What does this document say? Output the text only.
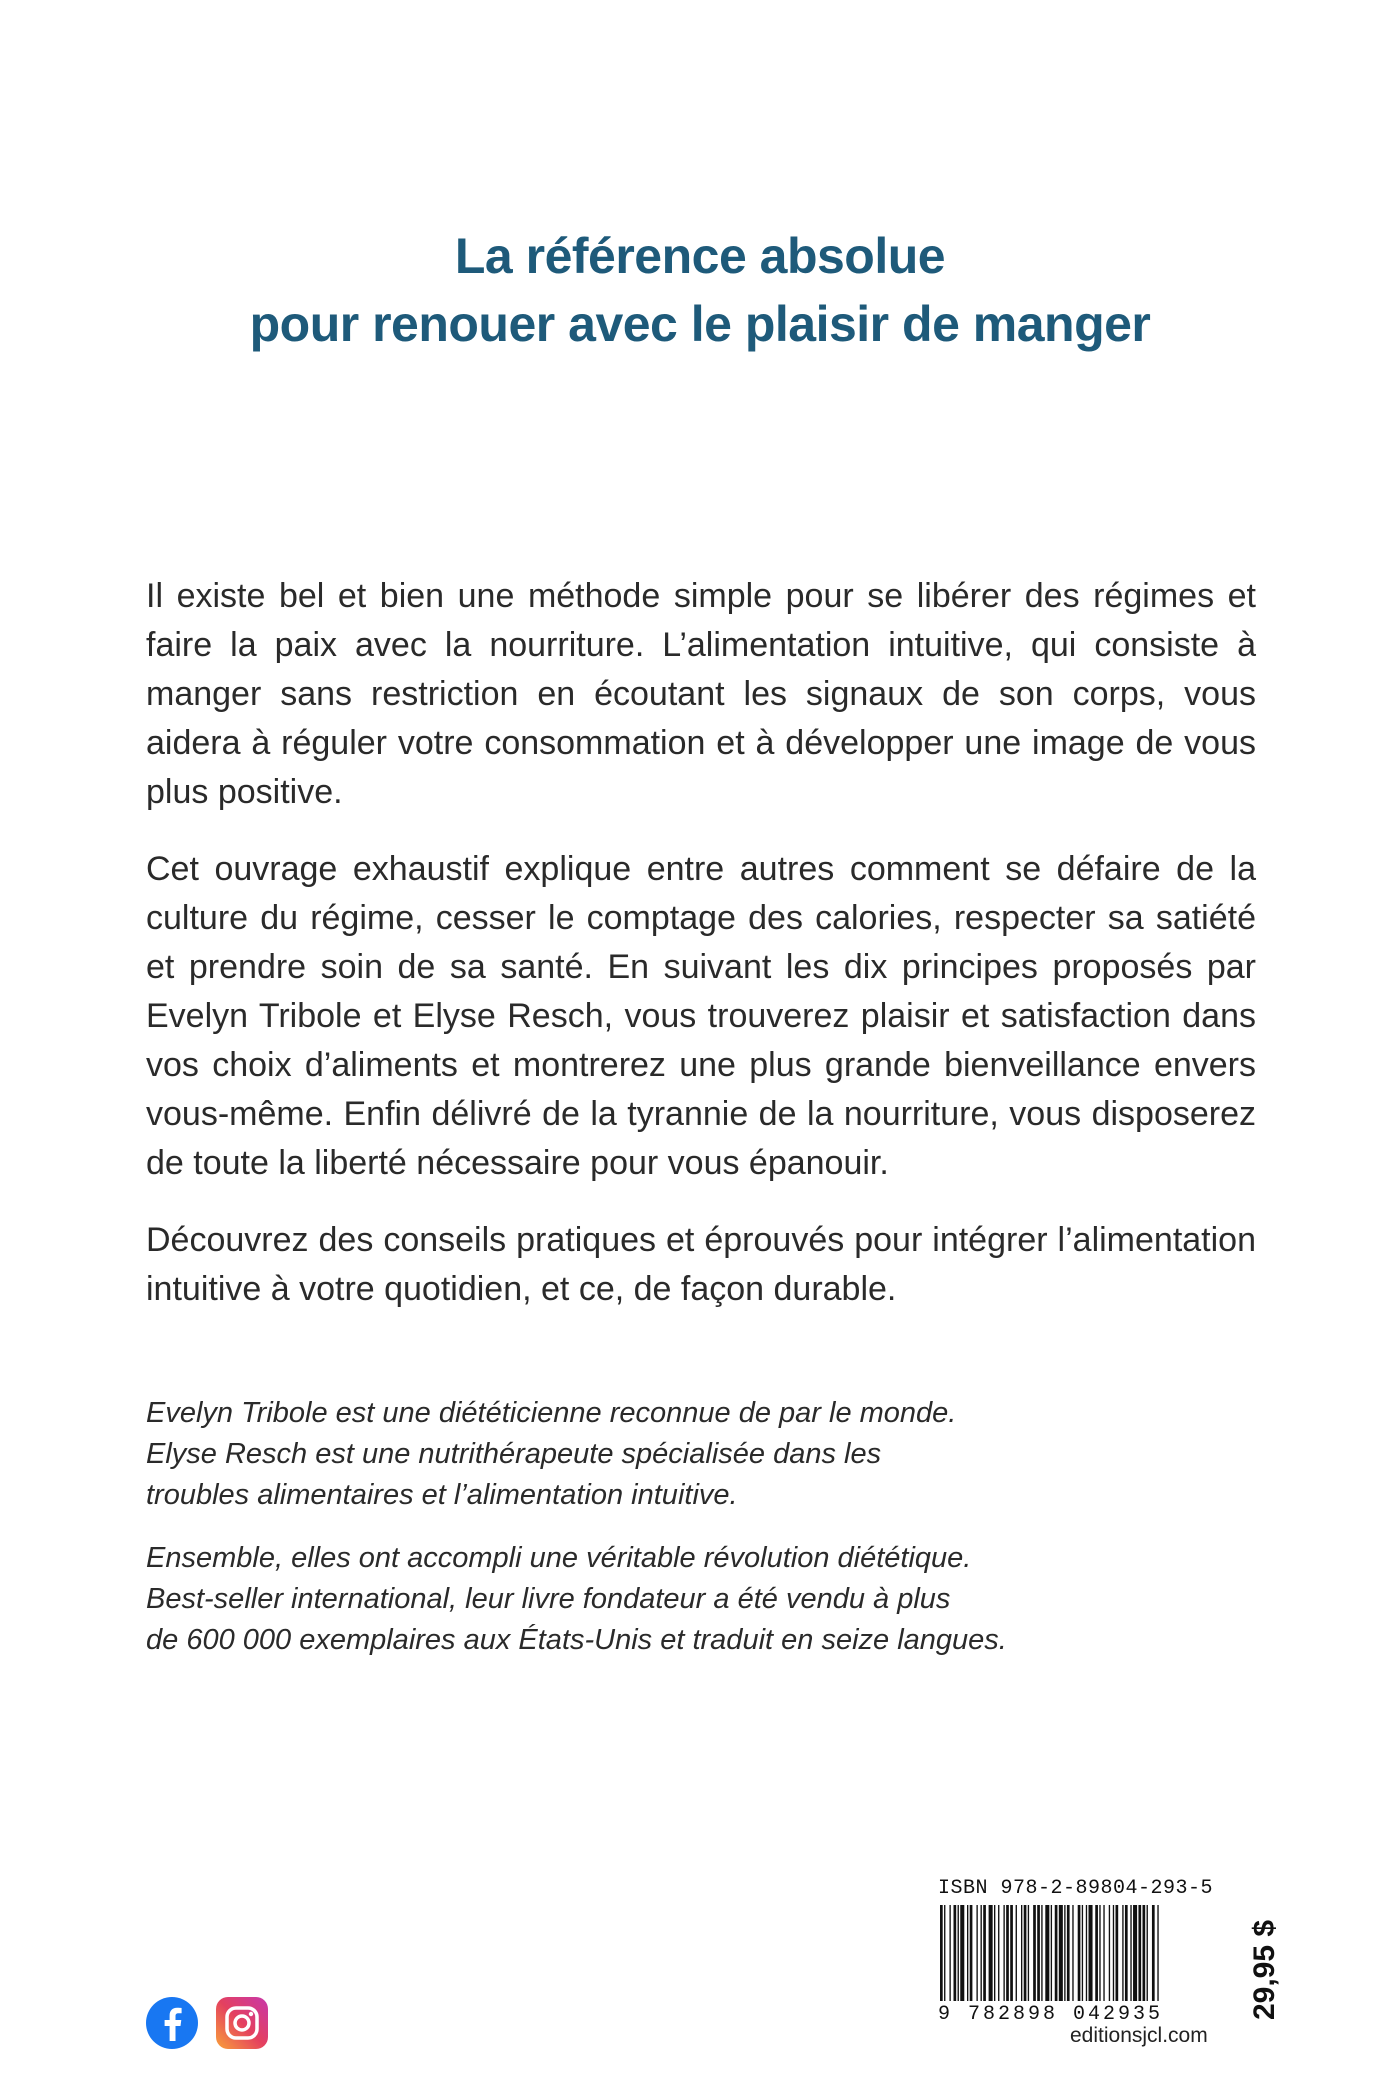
La référence absolue
pour renouer avec le plaisir de manger

Il existe bel et bien une méthode simple pour se libérer des régimes et faire la paix avec la nourriture. L’alimentation intuitive, qui consiste à manger sans restriction en écoutant les signaux de son corps, vous aidera à réguler votre consommation et à développer une image de vous plus positive.

Cet ouvrage exhaustif explique entre autres comment se défaire de la culture du régime, cesser le comptage des calories, respecter sa satiété et prendre soin de sa santé. En suivant les dix principes proposés par Evelyn Tribole et Elyse Resch, vous trouverez plaisir et satisfaction dans vos choix d’aliments et montrerez une plus grande bienveillance envers vous-même. Enfin délivré de la tyrannie de la nourriture, vous disposerez de toute la liberté nécessaire pour vous épanouir.

Découvrez des conseils pratiques et éprouvés pour intégrer l’alimentation intuitive à votre quotidien, et ce, de façon durable.

Evelyn Tribole est une diététicienne reconnue de par le monde.
Elyse Resch est une nutrithérapeute spécialisée dans les
troubles alimentaires et l’alimentation intuitive.

Ensemble, elles ont accompli une véritable révolution diététique.
Best-seller international, leur livre fondateur a été vendu à plus
de 600 000 exemplaires aux États-Unis et traduit en seize langues.

ISBN 978-2-89804-293-5
9 782898 042935	29,95 $
editionsjcl.com
